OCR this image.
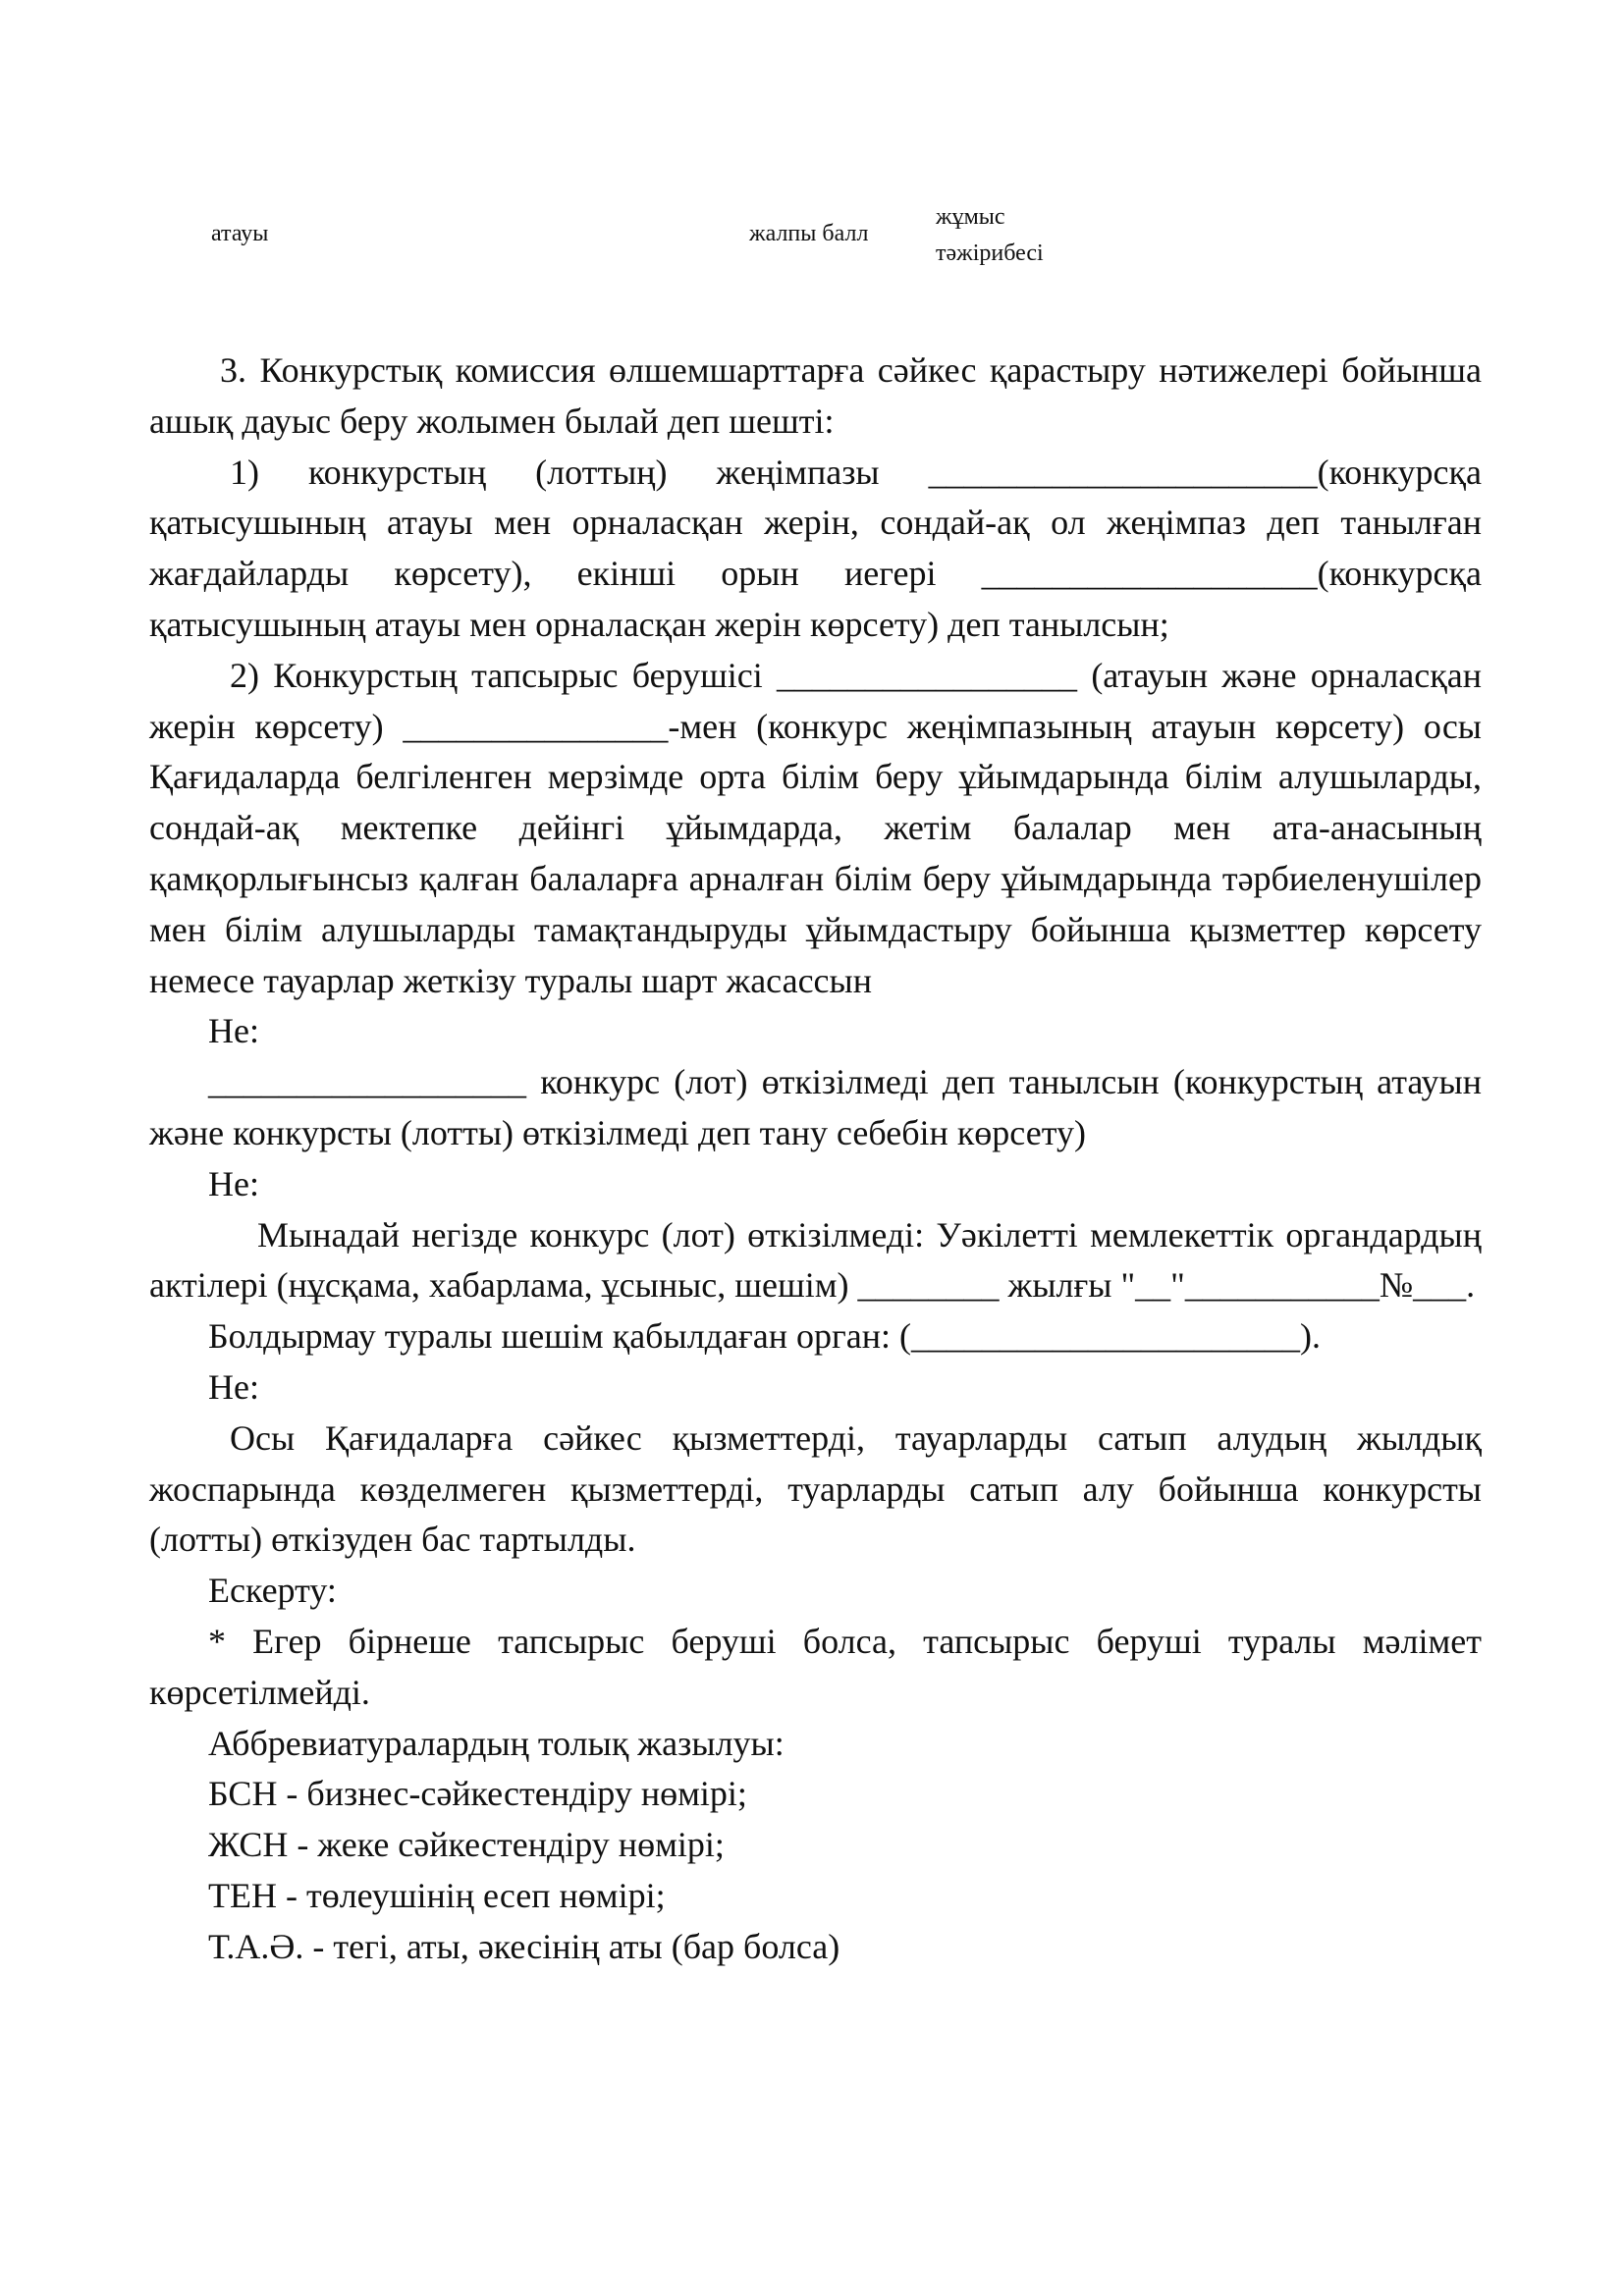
атауы	жалпы балл
жұмыс
тәжірибесі

3. Конкурстық комиссия өлшемшарттарға сәйкес қарастыру нәтижелері бойынша ашық дауыс беру жолымен былай деп шешті:

1) конкурстың (лоттың) жеңімпазы ______________________(конкурсқа қатысушының атауы мен орналасқан жерін, сондай-ақ ол жеңімпаз деп танылған жағдайларды көрсету), екінші орын иегері ___________________(конкурсқа қатысушының атауы мен орналасқан жерін көрсету) деп танылсын;

2) Конкурстың тапсырыс берушісі _________________ (атауын және орналасқан жерін көрсету) _______________-мен (конкурс жеңімпазының атауын көрсету) осы Қағидаларда белгіленген мерзімде орта білім беру ұйымдарында білім алушыларды, сондай-ақ мектепке дейінгі ұйымдарда, жетім балалар мен ата-анасының қамқорлығынсыз қалған балаларға арналған білім беру ұйымдарында тәрбиеленушілер мен білім алушыларды тамақтандыруды ұйымдастыру бойынша қызметтер көрсету немесе тауарлар жеткізу туралы шарт жасассын

Не:

__________________ конкурс (лот) өткізілмеді деп танылсын (конкурстың атауын және конкурсты (лотты) өткізілмеді деп тану себебін көрсету)

Не:

Мынадай негізде конкурс (лот) өткізілмеді: Уәкілетті мемлекеттік органдардың актілері (нұсқама, хабарлама, ұсыныс, шешім) ________ жылғы "__"___________№___.

Болдырмау туралы шешім қабылдаған орган: (______________________).

Не:

Осы Қағидаларға сәйкес қызметтерді, тауарларды сатып алудың жылдық жоспарында көзделмеген қызметтерді, туарларды сатып алу бойынша конкурсты (лотты) өткізуден бас тартылды.

Ескерту:

* Егер бірнеше тапсырыс беруші болса, тапсырыс беруші туралы мәлімет көрсетілмейді.

Аббревиатуралардың толық жазылуы:

БСН - бизнес-сәйкестендіру нөмірі;

ЖСН - жеке сәйкестендіру нөмірі;

ТЕН - төлеушінің есеп нөмірі;

Т.А.Ә. - тегі, аты, әкесінің аты (бар болса)
